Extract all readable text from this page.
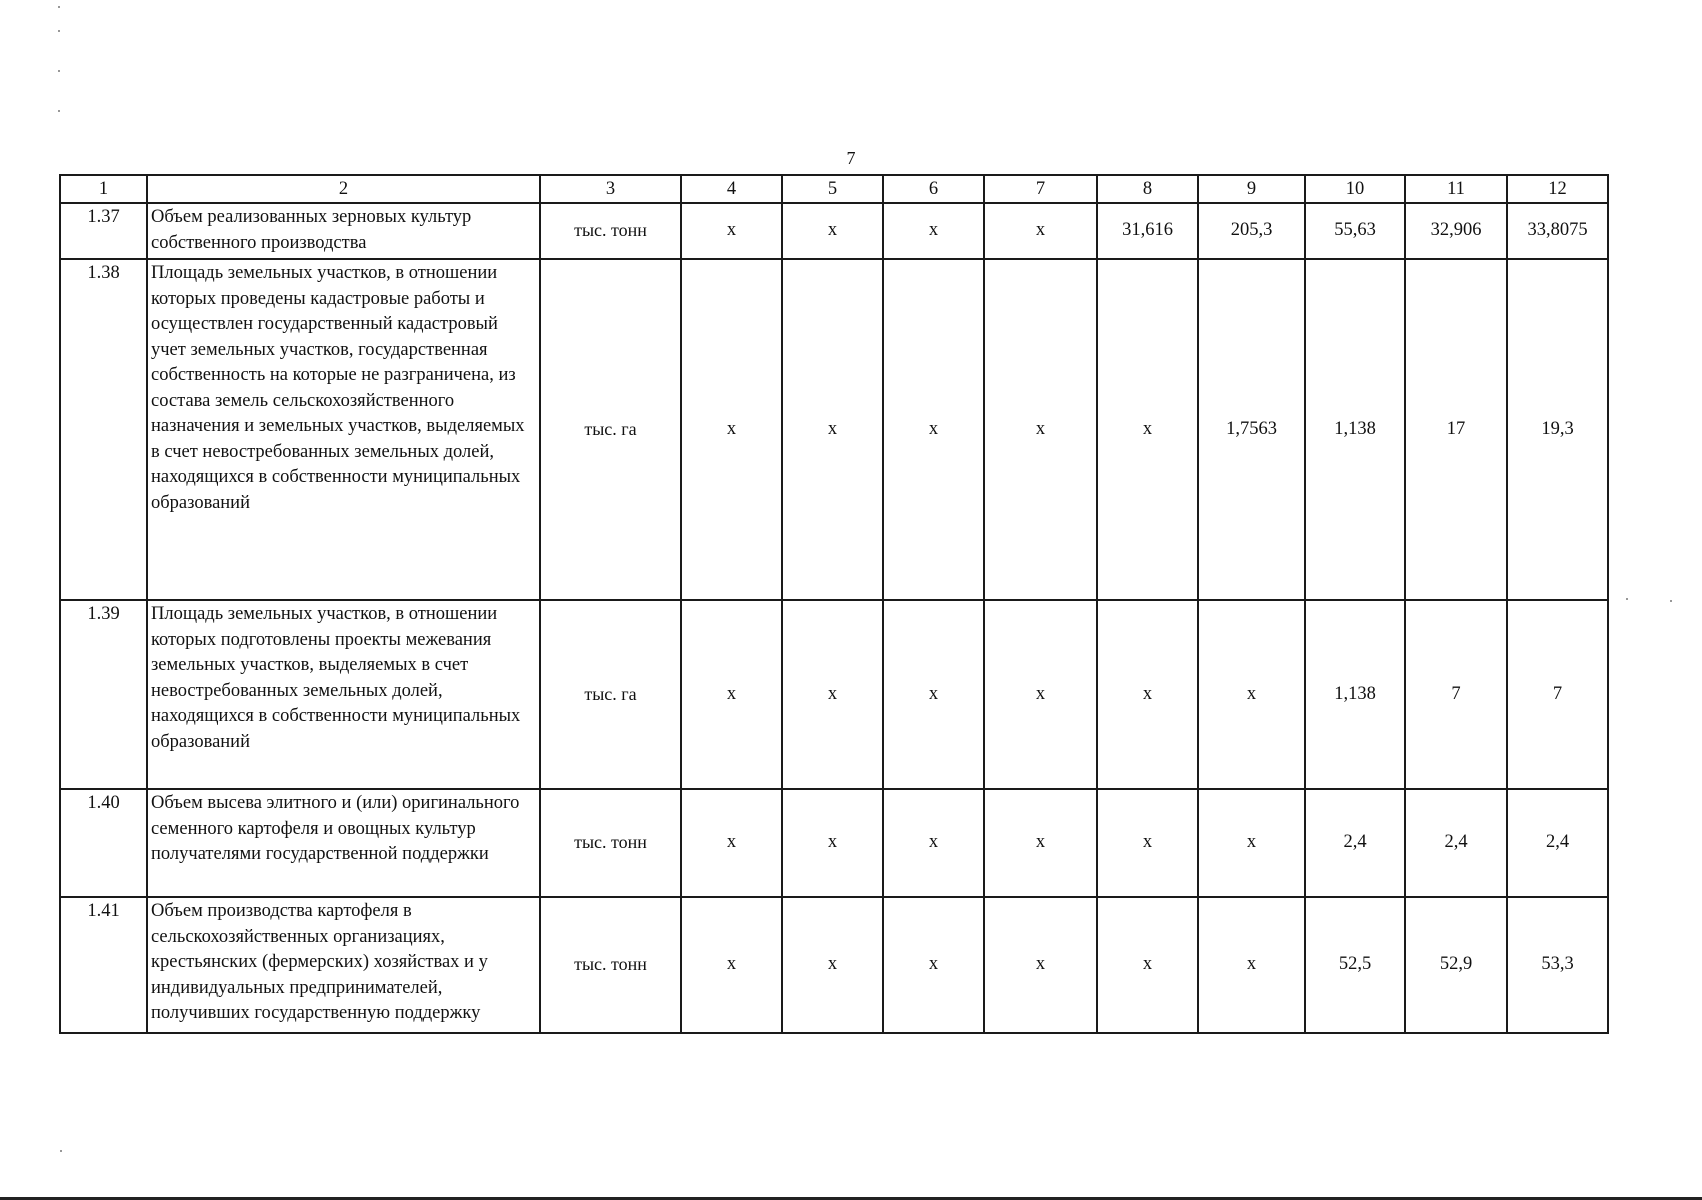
7
1	2	3	4	5	6	7	8	9	10	11	12
1.37	Объем реализованных зерновых культур собственного производства	тыс. тонн	х	х	х	х	31,616	205,3	55,63	32,906	33,8075
1.38	Площадь земельных участков, в отношении которых проведены кадастровые работы и осуществлен государственный кадастровый учет земельных участков, государственная собственность на которые не разграничена, из состава земель сельскохозяйственного назначения и земельных участков, выделяемых в счет невостребованных земельных долей, находящихся в собственности муниципальных образований	тыс. га	х	х	х	х	х	1,7563	1,138	17	19,3
1.39	Площадь земельных участков, в отношении которых подготовлены проекты межевания земельных участков, выделяемых в счет невостребованных земельных долей, находящихся в собственности муниципальных образований	тыс. га	х	х	х	х	х	х	1,138	7	7
1.40	Объем высева элитного и (или) оригинального семенного картофеля и овощных культур получателями государственной поддержки	тыс. тонн	х	х	х	х	х	х	2,4	2,4	2,4
1.41	Объем производства картофеля в сельскохозяйственных организациях, крестьянских (фермерских) хозяйствах и у индивидуальных предпринимателей, получивших государственную поддержку	тыс. тонн	х	х	х	х	х	х	52,5	52,9	53,3
